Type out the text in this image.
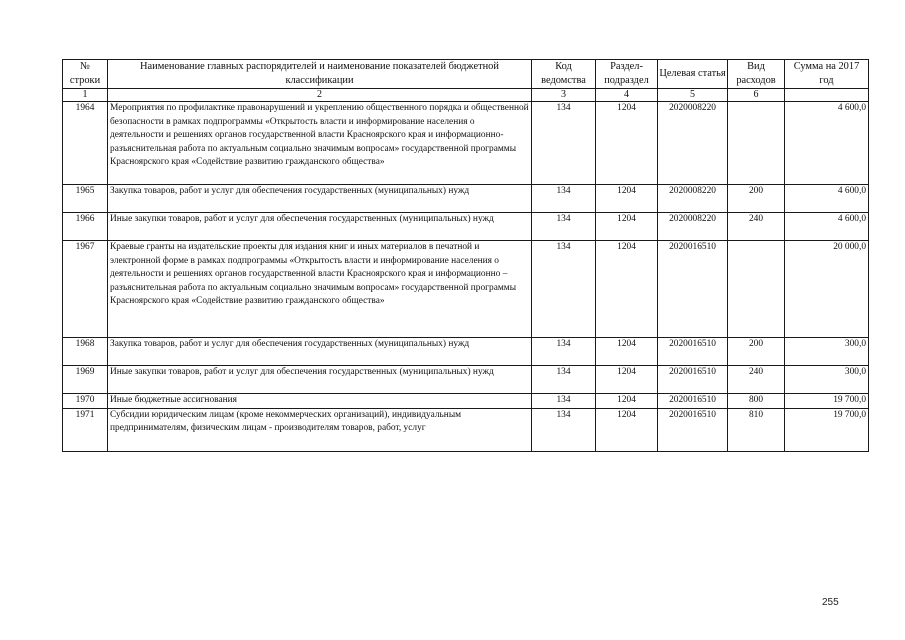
№ строки	Наименование главных распорядителей и наименование показателей бюджетной классификации	Код ведомства	Раздел-подраздел	Целевая статья	Вид расходов	Сумма на 2017 год
1	2	3	4	5	6	
1964	Мероприятия по профилактике правонарушений и укреплению общественного порядка и общественной безопасности в рамках подпрограммы «Открытость власти и информирование населения о деятельности и решениях органов государственной власти Красноярского края и информационно-разъяснительная работа по актуальным социально значимым вопросам» государственной программы Красноярского края «Содействие развитию гражданского общества»	134	1204	2020008220		4 600,0
1965	Закупка товаров, работ и услуг для обеспечения государственных (муниципальных) нужд	134	1204	2020008220	200	4 600,0
1966	Иные закупки товаров, работ и услуг для обеспечения государственных (муниципальных) нужд	134	1204	2020008220	240	4 600,0
1967	Краевые гранты на издательские проекты для издания книг и иных материалов в печатной и электронной форме в рамках подпрограммы «Открытость власти и информирование населения о деятельности и решениях органов государственной власти Красноярского края и информационно – разъяснительная работа по актуальным социально значимым вопросам» государственной программы Красноярского края «Содействие развитию гражданского общества»	134	1204	2020016510		20 000,0
1968	Закупка товаров, работ и услуг для обеспечения государственных (муниципальных) нужд	134	1204	2020016510	200	300,0
1969	Иные закупки товаров, работ и услуг для обеспечения государственных (муниципальных) нужд	134	1204	2020016510	240	300,0
1970	Иные бюджетные ассигнования	134	1204	2020016510	800	19 700,0
1971	Субсидии юридическим лицам (кроме некоммерческих организаций), индивидуальным предпринимателям, физическим лицам - производителям товаров, работ, услуг	134	1204	2020016510	810	19 700,0
255
